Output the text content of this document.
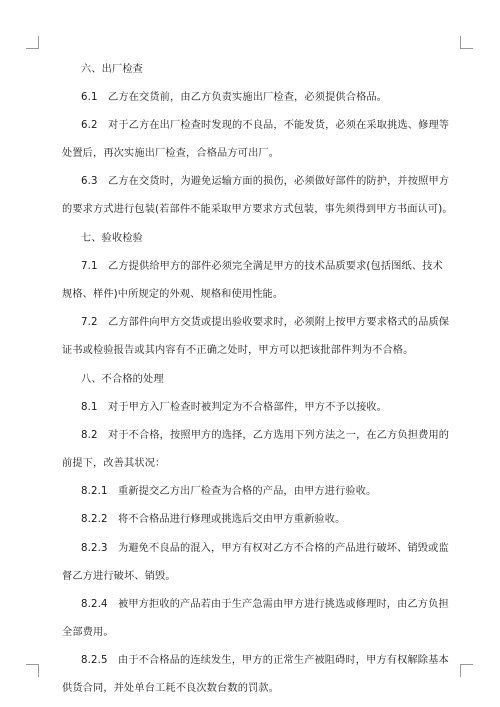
六、出厂检查
6.1　乙方在交货前，由乙方负责实施出厂检查，必须提供合格品。
6.2　对于乙方在出厂检查时发现的不良品，不能发货，必须在采取挑选、修理等
处置后，再次实施出厂检查，合格品方可出厂。
6.3　乙方在交货时，为避免运输方面的损伤，必须做好部件的防护，并按照甲方
的要求方式进行包装(若部件不能采取甲方要求方式包装，事先须得到甲方书面认可)。
七、验收检验
7.1　乙方提供给甲方的部件必须完全满足甲方的技术品质要求(包括图纸、技术
规格、样件)中所规定的外观、规格和使用性能。
7.2　乙方部件向甲方交货或提出验收要求时，必须附上按甲方要求格式的品质保
证书或检验报告或其内容有不正确之处时，甲方可以把该批部件判为不合格。
八、不合格的处理
8.1　对于甲方入厂检查时被判定为不合格部件，甲方不予以接收。
8.2　对于不合格，按照甲方的选择，乙方选用下列方法之一，在乙方负担费用的
前提下，改善其状况：
8.2.1　重新提交乙方出厂检查为合格的产品，由甲方进行验收。
8.2.2　将不合格品进行修理或挑选后交由甲方重新验收。
8.2.3　为避免不良品的混入，甲方有权对乙方不合格的产品进行破坏、销毁或监
督乙方进行破坏、销毁。
8.2.4　被甲方拒收的产品若由于生产急需由甲方进行挑选或修理时，由乙方负担
全部费用。
8.2.5　由于不合格品的连续发生，甲方的正常生产被阻碍时，甲方有权解除基本
供货合同，并处单台工耗不良次数台数的罚款。
